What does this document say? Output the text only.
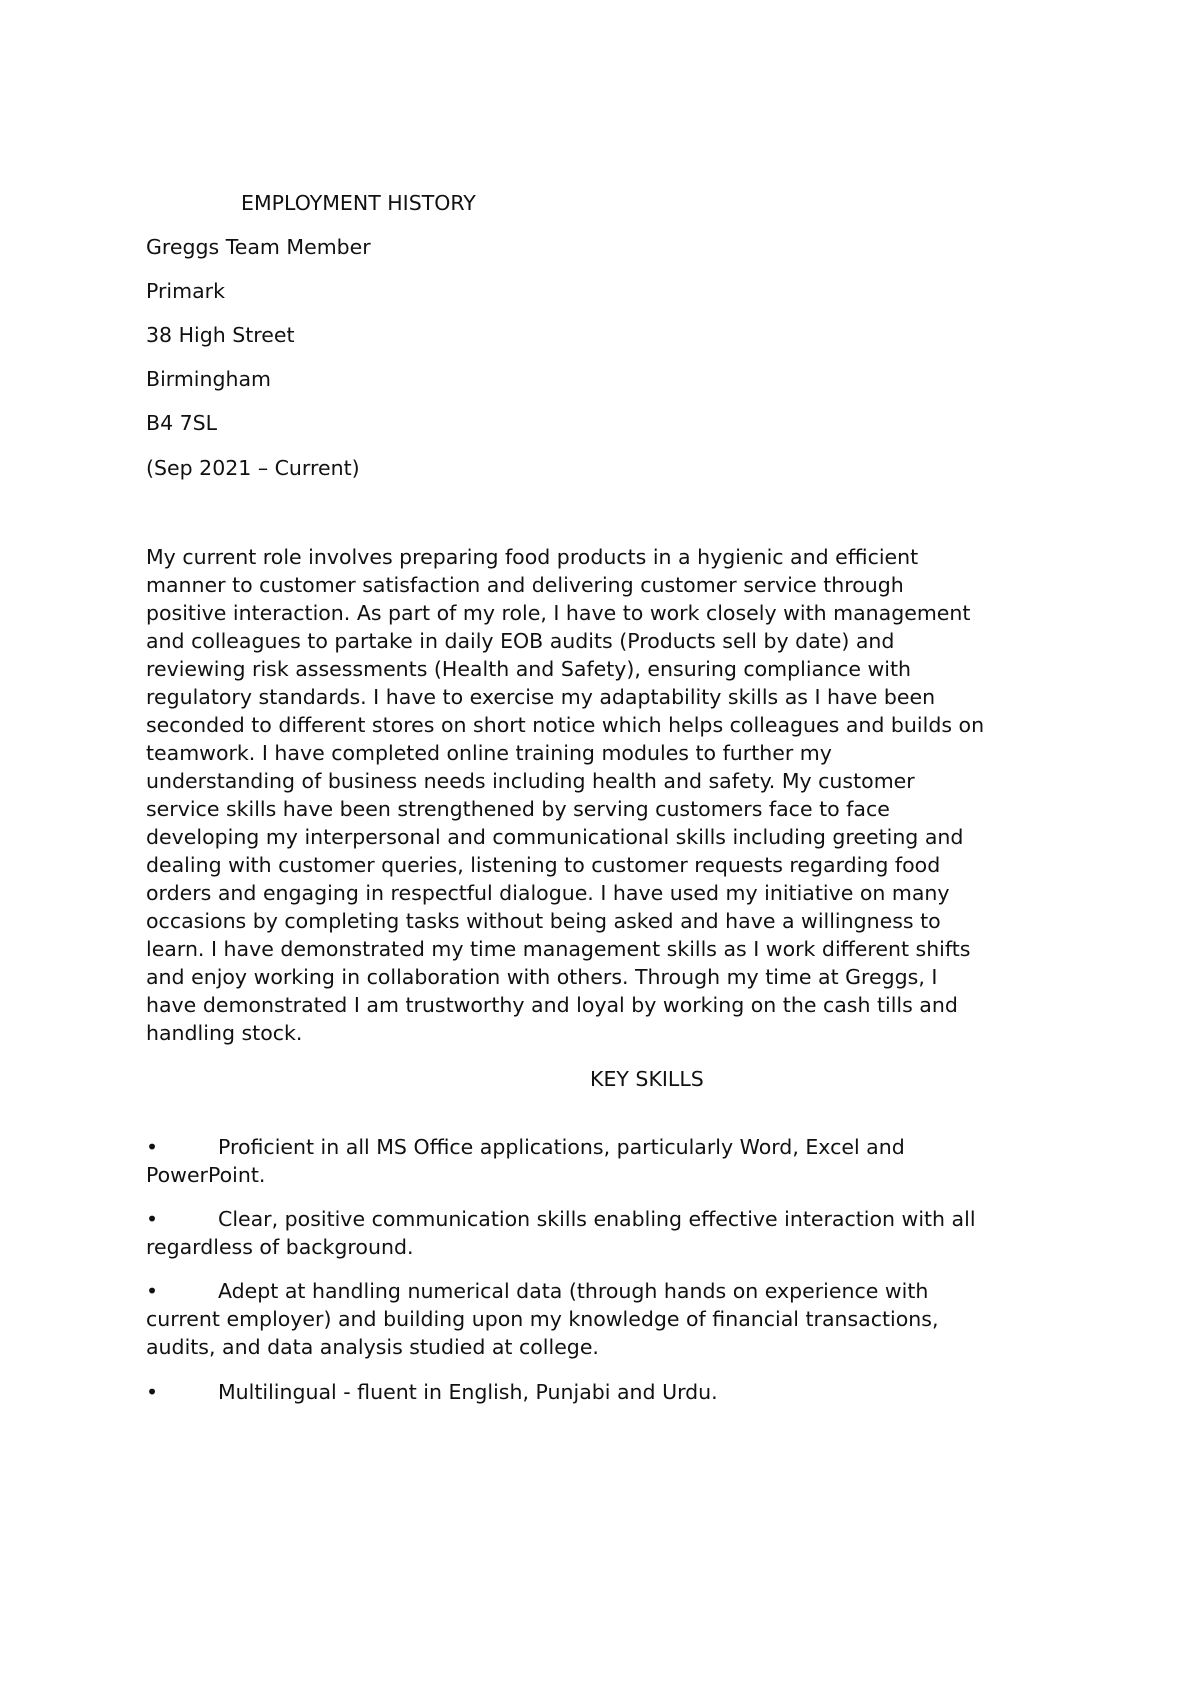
EMPLOYMENT HISTORY
Greggs Team Member
Primark
38 High Street
Birmingham
B4 7SL
(Sep 2021 – Current)
My current role involves preparing food products in a hygienic and efficient
manner to customer satisfaction and delivering customer service through
positive interaction. As part of my role, I have to work closely with management
and colleagues to partake in daily EOB audits (Products sell by date) and
reviewing risk assessments (Health and Safety), ensuring compliance with
regulatory standards. I have to exercise my adaptability skills as I have been
seconded to different stores on short notice which helps colleagues and builds on
teamwork. I have completed online training modules to further my
understanding of business needs including health and safety. My customer
service skills have been strengthened by serving customers face to face
developing my interpersonal and communicational skills including greeting and
dealing with customer queries, listening to customer requests regarding food
orders and engaging in respectful dialogue. I have used my initiative on many
occasions by completing tasks without being asked and have a willingness to
learn. I have demonstrated my time management skills as I work different shifts
and enjoy working in collaboration with others. Through my time at Greggs, I
have demonstrated I am trustworthy and loyal by working on the cash tills and
handling stock.
KEY SKILLS
•	Proficient in all MS Office applications, particularly Word, Excel and
PowerPoint.
•	Clear, positive communication skills enabling effective interaction with all
regardless of background.
•	Adept at handling numerical data (through hands on experience with
current employer) and building upon my knowledge of financial transactions,
audits, and data analysis studied at college.
•	Multilingual - fluent in English, Punjabi and Urdu.
